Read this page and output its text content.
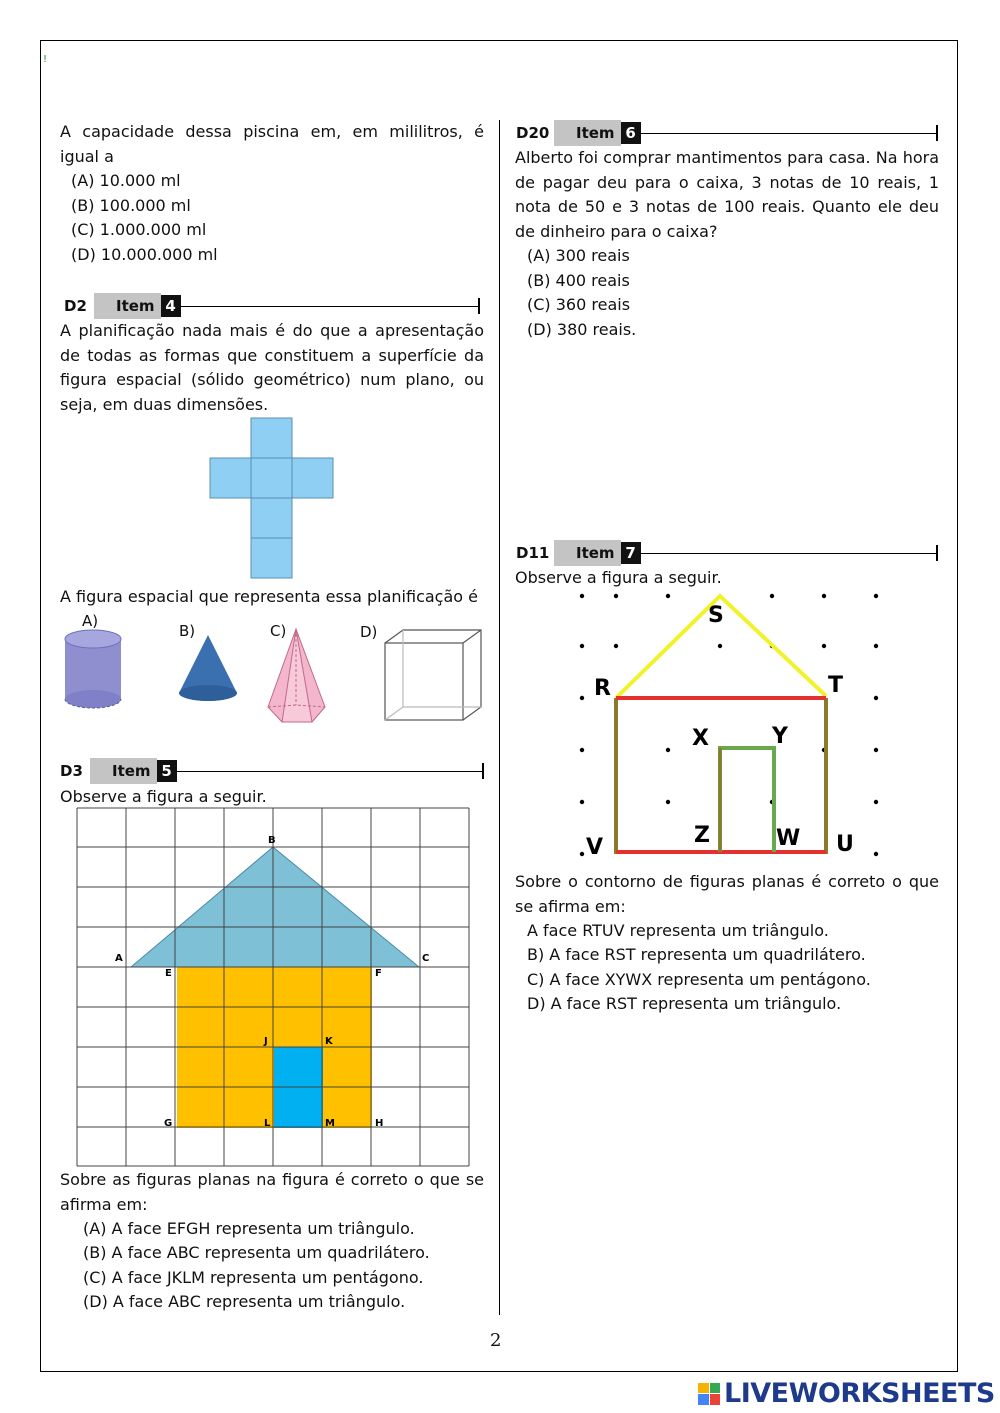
!
A capacidade dessa piscina em, em mililitros, é igual a
(A) 10.000 ml
(B) 100.000 ml
(C) 1.000.000 ml
(D) 10.000.000 ml
D2	Item 4
A planificação nada mais é do que a apresentação de todas as formas que constituem a superfície da figura espacial (sólido geométrico) num plano, ou seja, em duas dimensões.
A figura espacial que representa essa planificação é
A)
B)	C)	D)
D3	Item 5
Observe a figura a seguir.
B
A	C
E	F
J	K
G	L	M	H
Sobre as figuras planas na figura é correto o que se afirma em:
(A) A face EFGH representa um triângulo.
(B) A face ABC representa um quadrilátero.
(C) A face JKLM representa um pentágono.
(D) A face ABC representa um triângulo.
D20	Item 6
Alberto foi comprar mantimentos para casa. Na hora de pagar deu para o caixa, 3 notas de 10 reais, 1 nota de 50 e 3 notas de 100 reais. Quanto ele deu de dinheiro para o caixa?
(A) 300 reais
(B) 400 reais
(C) 360 reais
(D) 380 reais.
D11	Item 7
Observe a figura a seguir.
S
R	T
X	Y
V	Z	W U
Sobre o contorno de figuras planas é correto o que se afirma em:
A face RTUV representa um triângulo.
B) A face RST representa um quadrilátero.
C) A face XYWX representa um pentágono.
D) A face RST representa um triângulo.
2
LIVEWORKSHEETS
